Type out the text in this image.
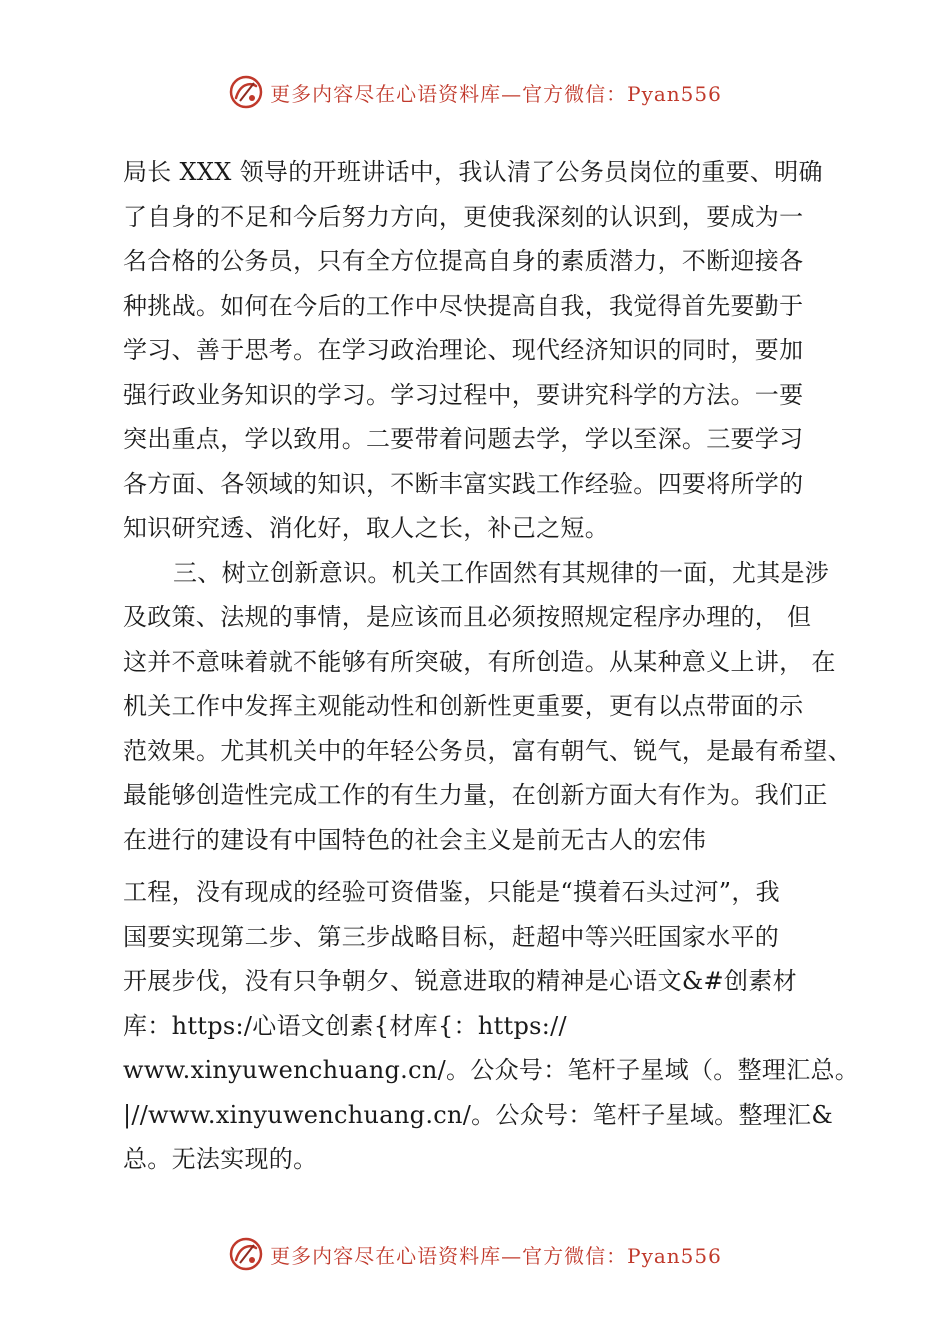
更多内容尽在心语资料库—官方微信：Pyan556
局长 XXX 领导的开班讲话中，我认清了公务员岗位的重要、明确
了自身的不足和今后努力方向，更使我深刻的认识到，要成为一
名合格的公务员，只有全方位提高自身的素质潜力，不断迎接各
种挑战。如何在今后的工作中尽快提高自我，我觉得首先要勤于
学习、善于思考。在学习政治理论、现代经济知识的同时，要加
强行政业务知识的学习。学习过程中，要讲究科学的方法。一要
突出重点，学以致用。二要带着问题去学，学以至深。三要学习
各方面、各领域的知识，不断丰富实践工作经验。四要将所学的
知识研究透、消化好，取人之长，补己之短。
三、树立创新意识。机关工作固然有其规律的一面，尤其是涉
及政策、法规的事情，是应该而且必须按照规定程序办理的， 但
这并不意味着就不能够有所突破，有所创造。从某种意义上讲， 在
机关工作中发挥主观能动性和创新性更重要，更有以点带面的示
范效果。尤其机关中的年轻公务员，富有朝气、锐气，是最有希望、
最能够创造性完成工作的有生力量，在创新方面大有作为。我们正
在进行的建设有中国特色的社会主义是前无古人的宏伟
工程，没有现成的经验可资借鉴，只能是“摸着石头过河”，我
国要实现第二步、第三步战略目标，赶超中等兴旺国家水平的
开展步伐，没有只争朝夕、锐意进取的精神是心语文&#创素材
库：https:/心语文创素{材库{：https://
www.xinyuwenchuang.cn/。公众号：笔杆子星域（。整理汇总。
|//www.xinyuwenchuang.cn/。公众号：笔杆子星域。整理汇&
总。无法实现的。
更多内容尽在心语资料库—官方微信：Pyan556
